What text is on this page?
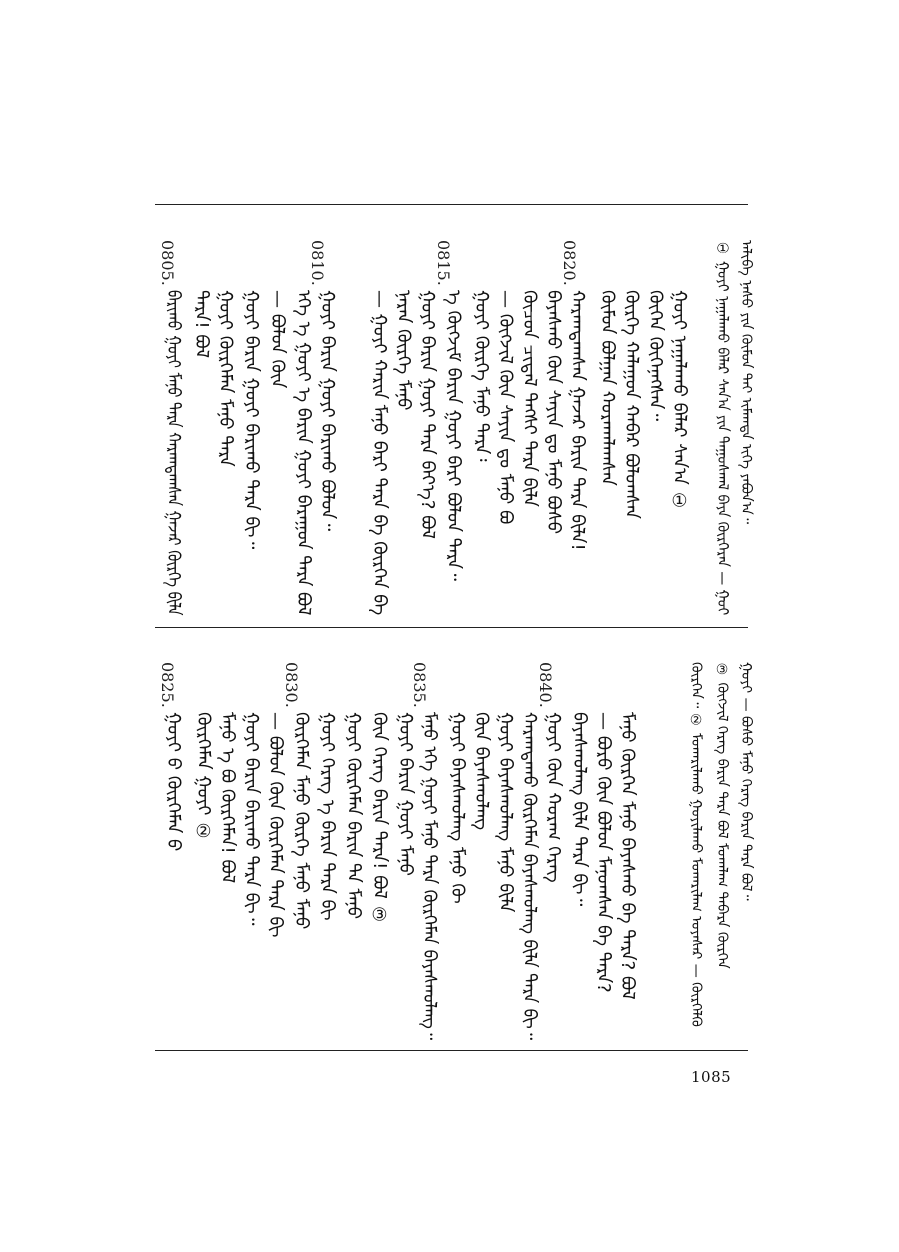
① ᠭᠤᠶᠢ ᠨᠠᠭᠠᠯᠠᠬᠤ ᠪᠠᠯᠠᠷ ᠰᠠᠨ᠎ᠠ ᠶᠢᠨ ᠳᠠᠭᠤᠰᠬᠠᠯ ᠪᠡᠶᠡ ᠬᠦᠷᠭᠡᠷᠡᠨ — ᠭᠤᠶ ᠠᠯᠢᠪᠠ ᠨᠠᠰᠤ ᠶᠢᠨ ᠬᠦᠮᠦᠨ ᠲᠠᠢ ᠢᠮᠠᠭᠲᠠ ᠢᠬᠡ ᠶᠠᠪᠤᠨ᠎ᠠ᠃
0820.
0815.
0810.
0805.
ᠭᠤᠶᠢ ᠨᠠᠭᠠᠯᠠᠬᠤ ᠪᠠᠯᠠᠷ ᠰᠠᠨ᠎ᠠ ①
ᠬᠥᠭᠡᠨ ᠬᠥᠭᠡᠨᠡᠭᠰᠡᠨ᠃
ᠬᠦᠷᠬᠡ ᠬᠠᠯᠠᠭᠤᠨ ᠬᠠᠪᠠᠷ ᠪᠤᠯᠤᠭᠰᠠᠨ
ᠬᠦᠮᠦᠨ ᠪᠤᠯᠭᠠᠨ ᠬᠤᠷᠠᠬᠠᠯᠠᠭᠰᠠᠨ
ᠬᠠᠷᠠᠭᠳᠠᠭᠰᠠᠨ ᠭᠠᠵᠠᠷ ᠪᠠᠷᠢᠨ ᠲᠡᠷᠡ ᠪᠢᠯᠡ!
ᠪᠠᠶᠠᠰᠬᠤ ᠬᠦᠨ ᠰᠠᠶᠢᠨ ᠳᠤ ᠮᠠᠨᠤ ᠪᠤᠰᠤ
ᠬᠦᠴᠦᠨ ᠴᠢᠳᠠᠯ ᠲᠡᠭᠰᠢ ᠲᠡᠷᠡ ᠪᠢᠯᠡ
— ᠬᠥᠭᠵᠢᠯ ᠬᠦᠨ ᠰᠠᠶᠢᠨ ᠳᠤ ᠮᠠᠨᠤ ᠪᠤ
ᠭᠤᠶᠢ ᠬᠦᠷᠬᠡ ᠮᠠᠨᠤ ᠲᠡᠷᠡ᠄
ᠡ ᠬᠥᠭᠵᠢᠮ ᠪᠠᠷᠢᠨ ᠭᠤᠶᠢ ᠪᠠᠷᠢ ᠪᠤᠯᠤᠨ ᠲᠡᠷᠡ᠃
ᠭᠤᠶᠢ ᠪᠠᠷᠢᠨ ᠭᠤᠶᠢ ᠲᠡᠷᠡ ᠪᠡᠶ᠎ᠡ? ᠪᠤᠯ
ᠨᠠᠷᠠᠨ ᠬᠦᠷᠬᠡ ᠮᠠᠨᠤ
— ᠭᠤᠶᠢ ᠬᠠᠷᠢᠨ ᠮᠠᠨᠤ ᠪᠠᠷᠢ ᠲᠡᠷᠡ ᠪᠠ ᠬᠦᠷᠬᠡᠨ ᠪᠠ
ᠭᠤᠶᠢ ᠪᠠᠷᠢᠨ ᠭᠤᠶᠢ ᠪᠠᠷᠢᠬᠤ ᠪᠤᠯᠤᠨ᠃
ᠡᠭᠡ ᠡ ᠭᠤᠶᠢ ᠡ ᠪᠠᠷᠢᠨ ᠭᠤᠶᠢ ᠪᠠᠷᠠᠭᠤᠨ ᠲᠡᠷᠡ ᠪᠤᠯ
— ᠪᠤᠯᠤᠨ ᠬᠦᠨ
ᠭᠤᠶᠢ ᠪᠠᠷᠢᠨ ᠭᠤᠶᠢ ᠪᠠᠷᠢᠬᠤ ᠲᠡᠷᠡ ᠪᠢ᠃
ᠭᠤᠶᠢ ᠬᠦᠷᠬᠡᠮᠡᠨ ᠮᠠᠨᠤ ᠲᠡᠷᠡ
ᠲᠡᠷᠡ! ᠪᠤᠯ
ᠪᠠᠷᠢᠬᠤ ᠭᠤᠶᠢ ᠮᠠᠨᠤ ᠲᠡᠷᠡ ᠬᠠᠷᠠᠭᠳᠠᠭᠰᠠᠨ ᠭᠠᠵᠠᠷ ᠬᠦᠷᠬᠡ ᠪᠢᠯᠡ
ᠭᠤᠶᠢ — ᠪᠤᠰᠤ ᠮᠠᠨᠤ ᠬᠡᠷᠡᠭ ᠪᠠᠷᠢᠨ ᠲᠡᠷᠡ ᠪᠤᠯ᠃
③ ᠬᠥᠭᠵᠢᠯ ᠬᠡᠷᠡᠭ ᠪᠠᠷᠢᠨ ᠲᠡᠷᠡ ᠪᠤᠯ ᠮᠤᠬᠠᠯᠠᠭ ᠳᠡᠪᠡᠷᠡ ᠬᠦᠷᠭᠡᠨ
ᠬᠦᠷᠭᠡᠨ᠃ ② ᠮᠤᠬᠠᠷᠢᠯᠠᠬᠤ ᠭᠤᠶᠢᠯᠠᠬᠤ ᠮᠤᠬᠠᠷᠢᠯᠠᠭ ᠤᠶᠠᠰᠠᠷ — ᠬᠦᠷᠭᠡᠯᠬᠦ
0840.
0835.
0830.
0825.
ᠮᠠᠨᠤ ᠬᠦᠷᠬᠡᠨ ᠮᠠᠨᠤ ᠪᠠᠶᠠᠰᠬᠤ ᠪᠠ ᠲᠡᠷᠡ? ᠪᠤᠯ
— ᠪᠤᠷᠤ ᠬᠦᠨ ᠪᠤᠯᠤᠨ ᠮᠠᠨᠤᠭᠰᠠᠨ ᠪᠠ ᠲᠡᠷᠡ?
ᠪᠠᠶᠠᠰᠬᠤᠯᠠᠩ ᠪᠢᠯᠡ ᠲᠡᠷᠡ ᠪᠢ᠃
ᠭᠤᠶᠢ ᠬᠦᠨ ᠬᠤᠷᠠᠬ ᠬᠡᠷᠡᠭ
ᠬᠠᠷᠠᠭᠳᠠᠬᠤ ᠬᠦᠷᠬᠡᠮᠡᠨ ᠪᠠᠶᠠᠰᠬᠤᠯᠠᠩ ᠪᠢᠯᠡ ᠲᠡᠷᠡ ᠪᠢ᠃
ᠭᠤᠶᠢ ᠪᠠᠶᠠᠰᠬᠤᠯᠠᠩ ᠮᠠᠨᠤ ᠪᠢᠯᠡ
ᠬᠦᠨ ᠪᠠᠶᠠᠰᠬᠤᠯᠠᠩ
ᠭᠤᠶᠢ ᠪᠠᠶᠠᠰᠬᠤᠯᠠᠩ ᠮᠠᠨᠤ ᠬᠦ
ᠮᠠᠨᠤ ᠡᠭᠡ ᠭᠤᠶᠢ ᠮᠠᠨᠤ ᠲᠡᠷᠡ ᠬᠦᠷᠬᠡᠮᠡᠨ ᠪᠠᠶᠠᠰᠬᠤᠯᠠᠩ᠃
ᠭᠤᠶᠢ ᠪᠠᠷᠢᠨ ᠭᠤᠶᠢ ᠮᠠᠨᠤ
ᠬᠦᠨ ᠬᠡᠷᠡᠭ ᠪᠠᠷᠢᠨ ᠲᠡᠷᠡ! ᠪᠤᠯ ③
ᠭᠤᠶᠢ ᠬᠦᠷᠬᠡᠮᠡᠨ ᠪᠠᠷᠢᠨ ᠲᠡ ᠮᠠᠨᠤ
ᠭᠤᠶᠢ ᠬᠡᠷᠡᠭ ᠡ ᠪᠠᠷᠢᠨ ᠲᠡᠷᠡ ᠪᠢ
ᠬᠦᠷᠬᠡᠮᠡᠨ ᠮᠠᠨᠤ ᠬᠦᠷᠬᠡ ᠮᠠᠨᠤ ᠮᠠᠨᠤ
— ᠪᠤᠯᠤᠨ ᠬᠦᠨ ᠬᠦᠷᠬᠡᠮᠡᠨ ᠲᠡᠷᠡ ᠪᠢ
ᠭᠤᠶᠢ ᠪᠠᠷᠢᠨ ᠪᠠᠷᠢᠬᠤ ᠲᠡᠷᠡ ᠪᠢ᠃
ᠮᠠᠨᠤ ᠡ ᠪᠤ ᠬᠦᠷᠬᠡᠮᠡᠨ! ᠪᠤᠯ
ᠬᠦᠷᠬᠡᠮᠡᠨ ᠭᠤᠶᠢ ②
ᠭᠤᠶᠢ ᠪ ᠬᠦᠷᠬᠡᠮᠡᠨ ᠪ
1085
